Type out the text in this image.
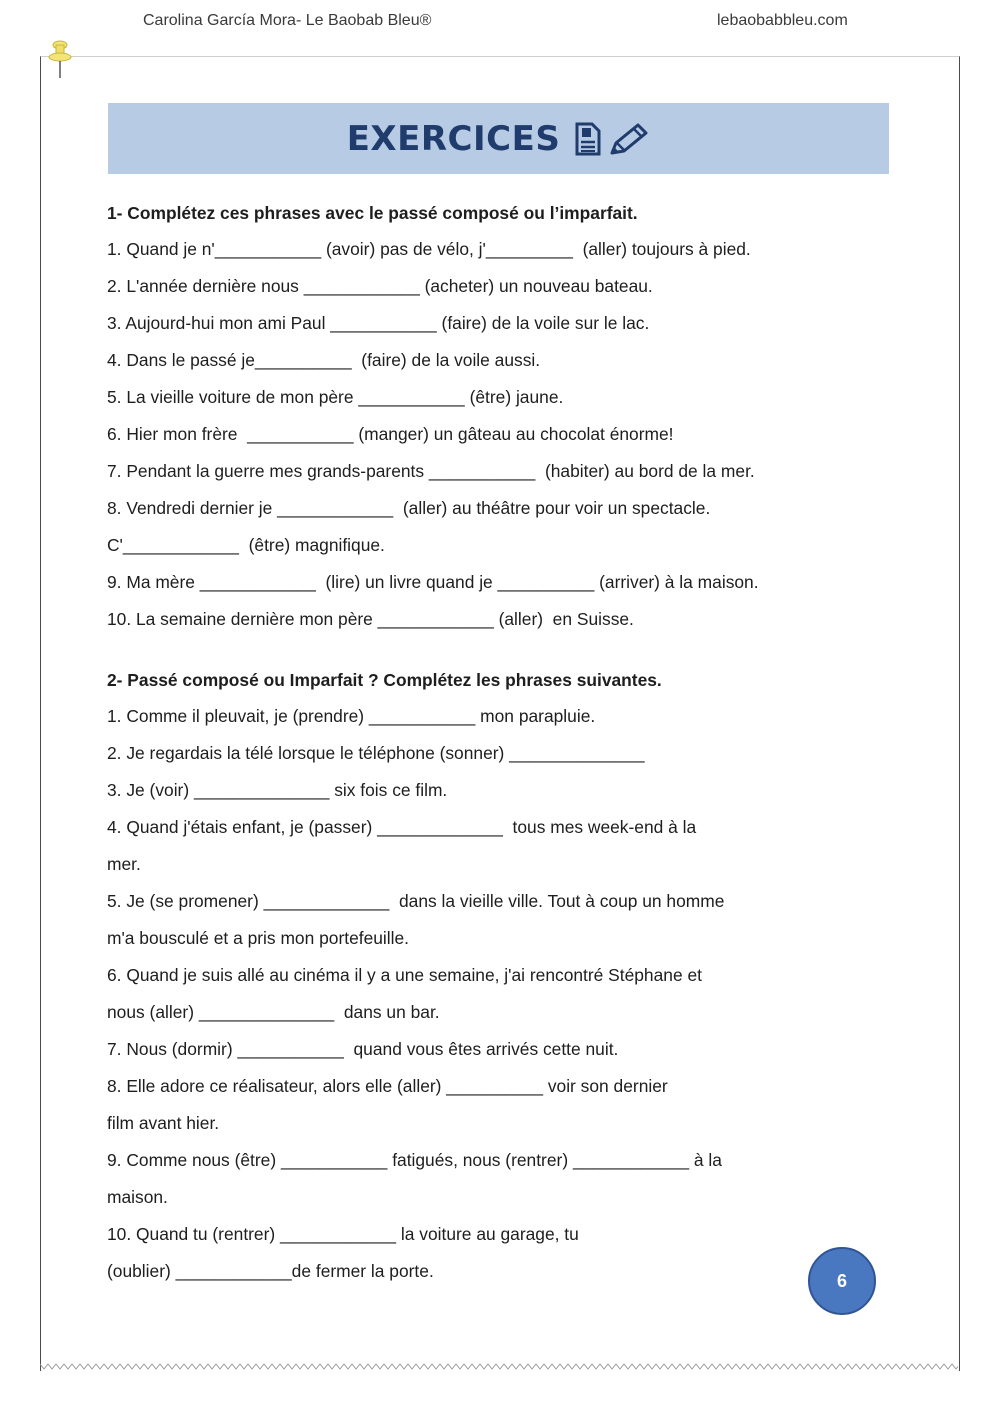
Carolina García Mora- Le Baobab Bleu®	lebaobabbleu.com
EXERCICES
1- Complétez ces phrases avec le passé composé ou l’imparfait.
1. Quand je n'___________ (avoir) pas de vélo, j'_________  (aller) toujours à pied.
2. L'année dernière nous ____________ (acheter) un nouveau bateau.
3. Aujourd-hui mon ami Paul ___________ (faire) de la voile sur le lac.
4. Dans le passé je__________  (faire) de la voile aussi.
5. La vieille voiture de mon père ___________ (être) jaune.
6. Hier mon frère  ___________ (manger) un gâteau au chocolat énorme!
7. Pendant la guerre mes grands-parents ___________  (habiter) au bord de la mer.
8. Vendredi dernier je ____________  (aller) au théâtre pour voir un spectacle.
C'____________  (être) magnifique.
9. Ma mère ____________  (lire) un livre quand je __________ (arriver) à la maison.
10. La semaine dernière mon père ____________ (aller)  en Suisse.
2- Passé composé ou Imparfait ? Complétez les phrases suivantes.
1. Comme il pleuvait, je (prendre) ___________ mon parapluie.
2. Je regardais la télé lorsque le téléphone (sonner) ______________
3. Je (voir) ______________ six fois ce film.
4. Quand j'étais enfant, je (passer) _____________  tous mes week-end à la
mer.
5. Je (se promener) _____________  dans la vieille ville. Tout à coup un homme
m'a bousculé et a pris mon portefeuille.
6. Quand je suis allé au cinéma il y a une semaine, j'ai rencontré Stéphane et
nous (aller) ______________  dans un bar.
7. Nous (dormir) ___________  quand vous êtes arrivés cette nuit.
8. Elle adore ce réalisateur, alors elle (aller) __________ voir son dernier
film avant hier.
9. Comme nous (être) ___________ fatigués, nous (rentrer) ____________ à la
maison.
10. Quand tu (rentrer) ____________ la voiture au garage, tu
(oublier) ____________de fermer la porte.	6
